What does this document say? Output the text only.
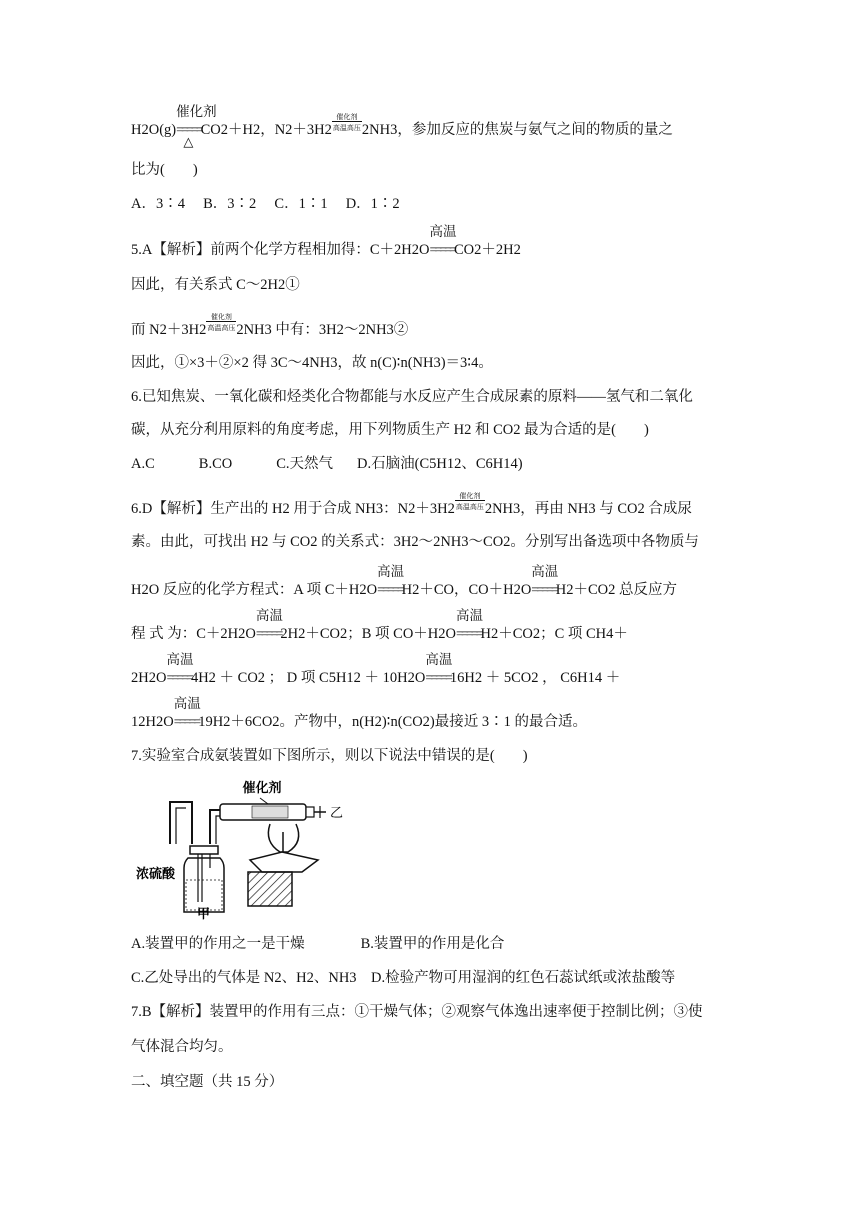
H2O(g)
催化剂
=====
△
CO2＋H2，N2＋3H2
催化剂
高温高压 2NH3，参加反应的焦炭与氨气之间的物质的量之
比为( )
A．3∶4　 B．3∶2　 C．1∶1　 D．1∶2
5.A【解析】前两个化学方程相加得：C＋2H2O
高温
=====CO2＋2H2
因此，有关系式 C～2H2①
而 N2＋3H2
催化剂
高温高压 2NH3 中有：3H2～2NH3②
因此，①×3＋②×2 得 3C～4NH3，故 n(C)∶n(NH3)＝3∶4。
6.已知焦炭、一氧化碳和烃类化合物都能与水反应产生合成尿素的原料——氢气和二氧化
碳，从充分利用原料的角度考虑，用下列物质生产 H2 和 CO2 最为合适的是( )
A.C	B.CO	C.天然气 D.石脑油(C5H12、C6H14)
6.D【解析】生产出的 H2 用于合成 NH3：N2＋3H2
催化剂
高温高压 2NH3，再由 NH3 与 CO2 合成尿
素。由此，可找出 H2 与 CO2 的关系式：3H2～2NH3～CO2。分别写出备选项中各物质与
H2O 反应的化学方程式：A 项 C＋H2O
高温
=====H2＋CO，CO＋H2O
高温
=====H2＋CO2 总反应方
程 式 为：C＋2H2O
高温
=====2H2＋CO2；B 项 CO＋H2O
高温
=====H2＋CO2；C 项 CH4＋
2H2O
高温
=====4H2 ＋ CO2 ； D 项 C5H12 ＋ 10H2O
高温
=====16H2 ＋ 5CO2 ， C6H14 ＋
12H2O
高温
=====19H2＋6CO2。产物中，n(H2)∶n(CO2)最接近 3∶1 的最合适。
7.实验室合成氨装置如下图所示，则以下说法中错误的是( )
催化剂
乙
浓硫酸
甲
A.装置甲的作用之一是干燥	B.装置甲的作用是化合
C.乙处导出的气体是 N2、H2、NH3　D.检验产物可用湿润的红色石蕊试纸或浓盐酸等
7.B【解析】装置甲的作用有三点：①干燥气体；②观察气体逸出速率便于控制比例；③使
气体混合均匀。
二、填空题（共 15 分）
